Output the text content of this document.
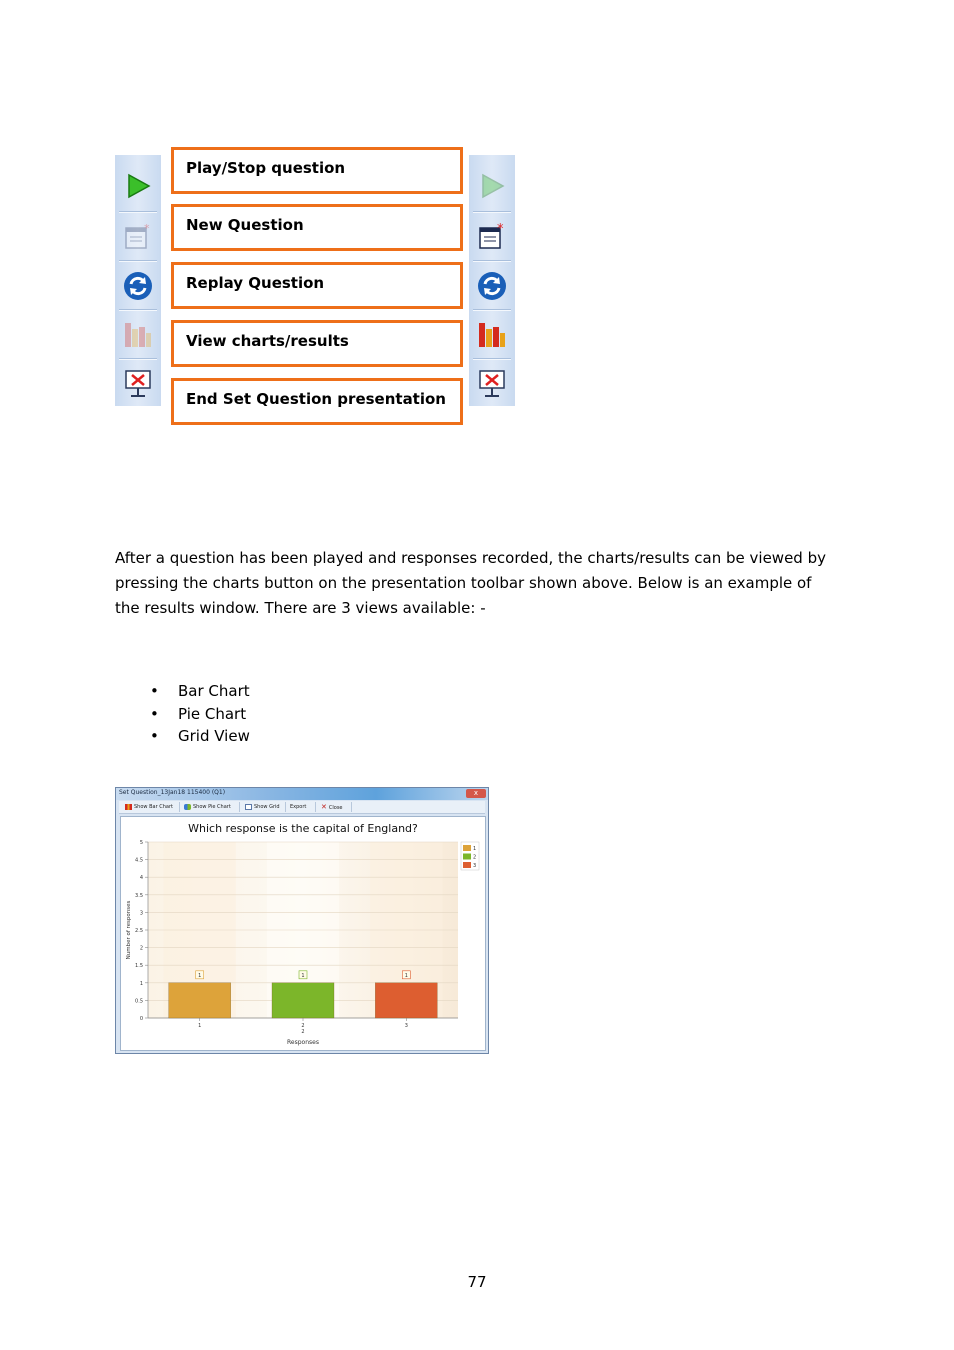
*
Play/Stop question
New Question
Replay Question
View charts/results
End Set Question presentation
*

After a question has been played and responses recorded, the charts/results can be viewed by pressing the charts button on the presentation toolbar shown above. Below is an example of the results window. There are 3 views available: -

• Bar Chart
• Pie Chart
• Grid View
Set Question_13Jan18 115400 (Q1)	x
Show Bar Chart	Show Pie Chart	Show Grid Export ✕ Close
Which response is the capital of England?
0
0.5
1
1.5
2
2.5
3
3.5
4
4.5
5
1
1
1
2
1
3
2
Responses
Number of responses
1
2
3
77
